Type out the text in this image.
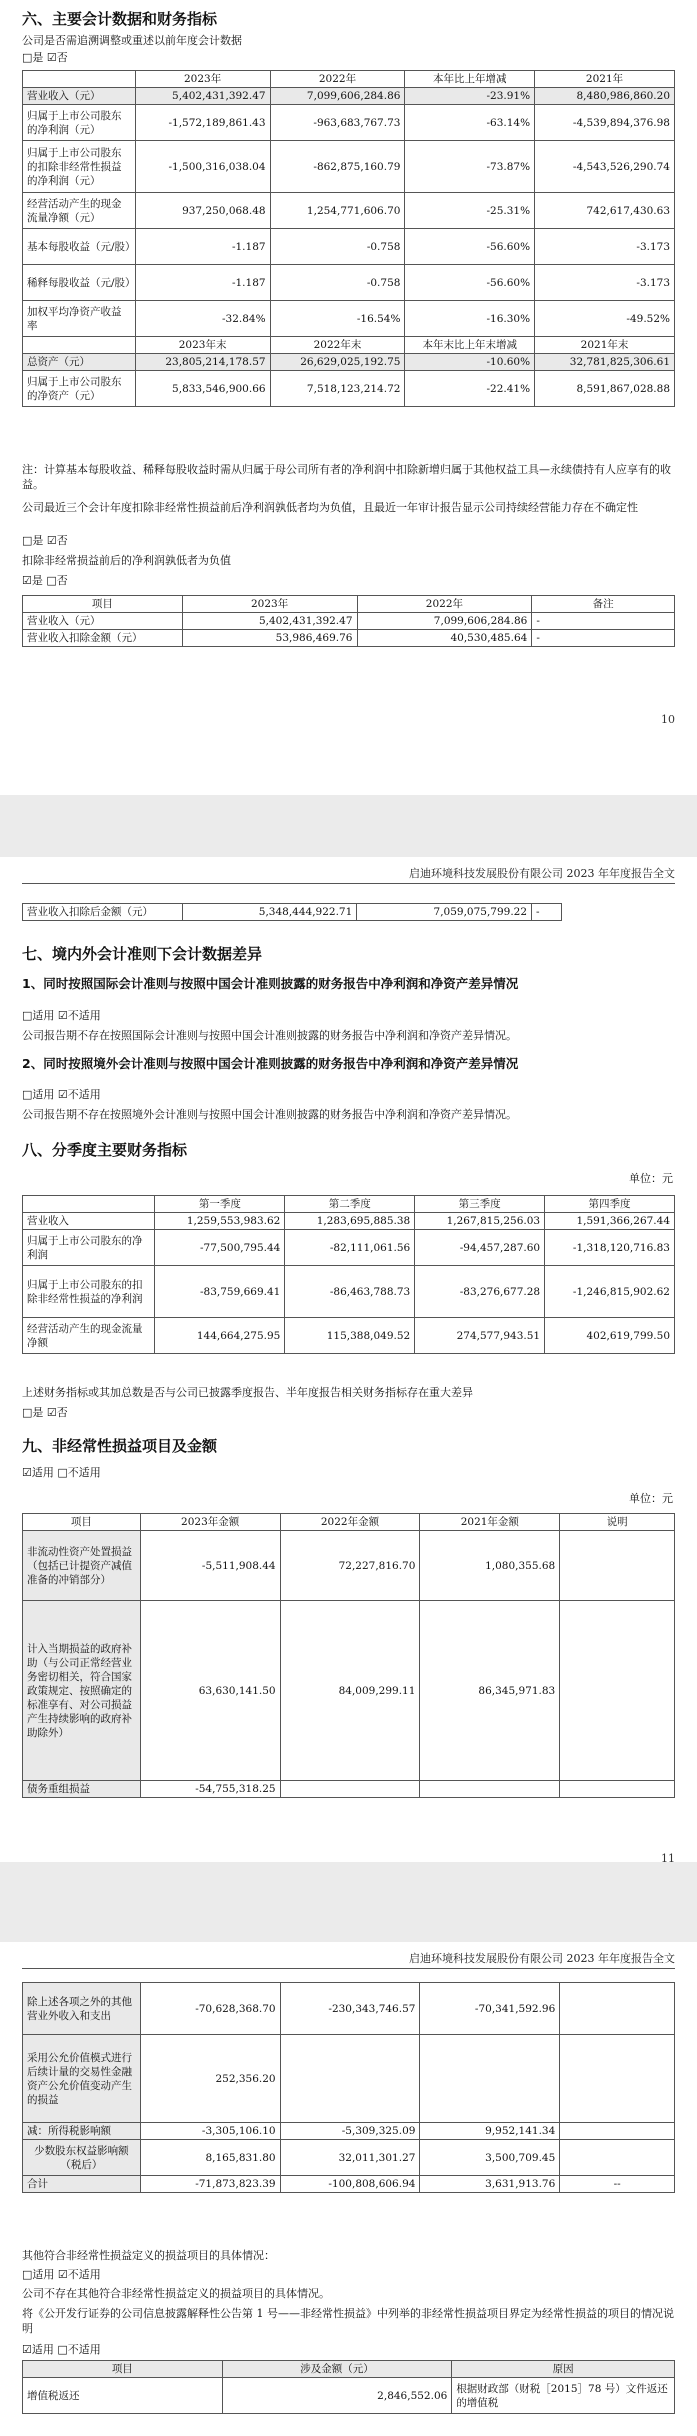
六、主要会计数据和财务指标
公司是否需追溯调整或重述以前年度会计数据
□是 ☑否
	2023年	2022年	本年比上年增减	2021年
营业收入（元）	5,402,431,392.47	7,099,606,284.86	-23.91%	8,480,986,860.20
归属于上市公司股东的净利润（元）	-1,572,189,861.43	-963,683,767.73	-63.14%	-4,539,894,376.98
归属于上市公司股东的扣除非经常性损益的净利润（元）	-1,500,316,038.04	-862,875,160.79	-73.87%	-4,543,526,290.74
经营活动产生的现金流量净额（元）	937,250,068.48	1,254,771,606.70	-25.31%	742,617,430.63
基本每股收益（元/股）	-1.187	-0.758	-56.60%	-3.173
稀释每股收益（元/股）	-1.187	-0.758	-56.60%	-3.173
加权平均净资产收益率	-32.84%	-16.54%	-16.30%	-49.52%
	2023年末	2022年末	本年末比上年末增减	2021年末
总资产（元）	23,805,214,178.57	26,629,025,192.75	-10.60%	32,781,825,306.61
归属于上市公司股东的净资产（元）	5,833,546,900.66	7,518,123,214.72	-22.41%	8,591,867,028.88
注：计算基本每股收益、稀释每股收益时需从归属于母公司所有者的净利润中扣除新增归属于其他权益工具—永续债持有人应享有的收益。
公司最近三个会计年度扣除非经常性损益前后净利润孰低者均为负值，且最近一年审计报告显示公司持续经营能力存在不确定性
□是 ☑否
扣除非经常损益前后的净利润孰低者为负值
☑是 □否
项目	2023年	2022年	备注
营业收入（元）	5,402,431,392.47	7,099,606,284.86	-
营业收入扣除金额（元）	53,986,469.76	40,530,485.64	-
10
启迪环境科技发展股份有限公司 2023 年年度报告全文
营业收入扣除后金额（元）	5,348,444,922.71	7,059,075,799.22	-
七、境内外会计准则下会计数据差异
1、同时按照国际会计准则与按照中国会计准则披露的财务报告中净利润和净资产差异情况
□适用 ☑不适用
公司报告期不存在按照国际会计准则与按照中国会计准则披露的财务报告中净利润和净资产差异情况。
2、同时按照境外会计准则与按照中国会计准则披露的财务报告中净利润和净资产差异情况
□适用 ☑不适用
公司报告期不存在按照境外会计准则与按照中国会计准则披露的财务报告中净利润和净资产差异情况。
八、分季度主要财务指标
单位：元
	第一季度	第二季度	第三季度	第四季度
营业收入	1,259,553,983.62	1,283,695,885.38	1,267,815,256.03	1,591,366,267.44
归属于上市公司股东的净利润	-77,500,795.44	-82,111,061.56	-94,457,287.60	-1,318,120,716.83
归属于上市公司股东的扣除非经常性损益的净利润	-83,759,669.41	-86,463,788.73	-83,276,677.28	-1,246,815,902.62
经营活动产生的现金流量净额	144,664,275.95	115,388,049.52	274,577,943.51	402,619,799.50
上述财务指标或其加总数是否与公司已披露季度报告、半年度报告相关财务指标存在重大差异
□是 ☑否
九、非经常性损益项目及金额
☑适用 □不适用
单位：元
项目	2023年金额	2022年金额	2021年金额	说明
非流动性资产处置损益（包括已计提资产减值准备的冲销部分）	-5,511,908.44	72,227,816.70	1,080,355.68	
计入当期损益的政府补助（与公司正常经营业务密切相关，符合国家政策规定、按照确定的标准享有、对公司损益产生持续影响的政府补助除外）	63,630,141.50	84,009,299.11	86,345,971.83	
债务重组损益	-54,755,318.25			
11
启迪环境科技发展股份有限公司 2023 年年度报告全文
除上述各项之外的其他营业外收入和支出	-70,628,368.70	-230,343,746.57	-70,341,592.96	
采用公允价值模式进行后续计量的交易性金融资产公允价值变动产生的损益	252,356.20			
减：所得税影响额	-3,305,106.10	-5,309,325.09	9,952,141.34	
少数股东权益影响额（税后）	8,165,831.80	32,011,301.27	3,500,709.45	
合计	-71,873,823.39	-100,808,606.94	3,631,913.76	--
其他符合非经常性损益定义的损益项目的具体情况：
□适用 ☑不适用
公司不存在其他符合非经常性损益定义的损益项目的具体情况。
将《公开发行证券的公司信息披露解释性公告第 1 号——非经常性损益》中列举的非经常性损益项目界定为经常性损益的项目的情况说明
☑适用 □不适用
项目	涉及金额（元）	原因
增值税返还	2,846,552.06	根据财政部（财税［2015］78 号）文件返还的增值税
